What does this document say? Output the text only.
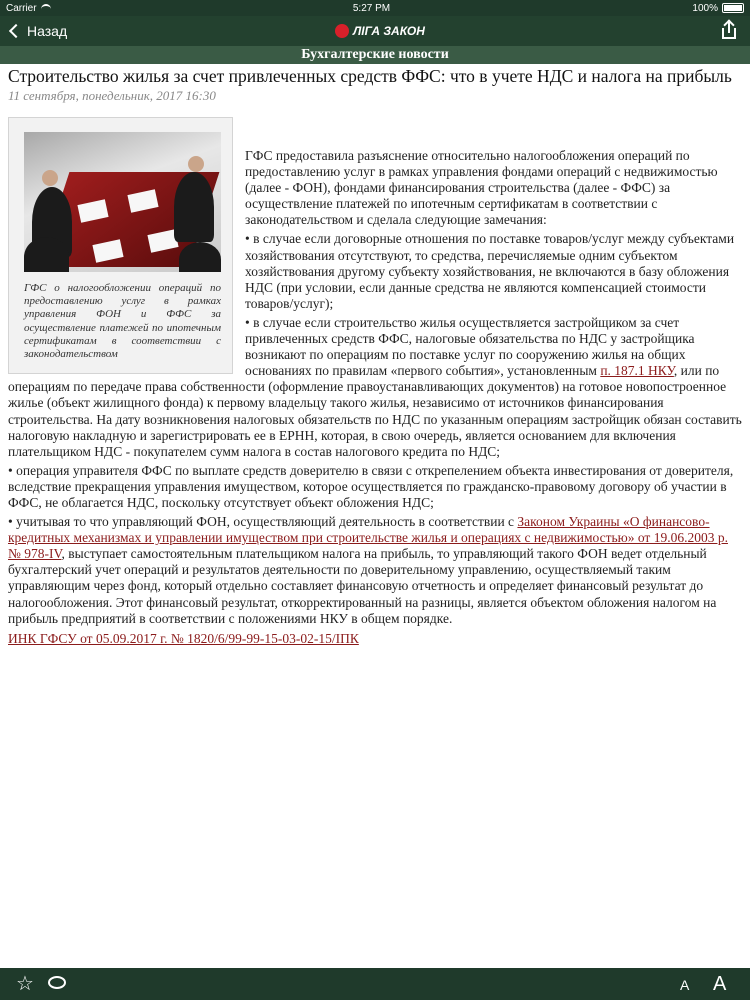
Carrier	5:27 PM	100%
Назад	ЛIГА ЗАКОН
Бухгалтерские новости
Строительство жилья за счет привлеченных средств ФФС: что в учете НДС и налога на прибыль
11 сентября, понедельник, 2017 16:30

ГФС о налогообложении операций по предоставлению услуг в рамках управления ФОН и ФФС за осуществление платежей по ипотечным сертификатам в соответствии с законодательством

ГФС предоставила разъяснение относительно налогообложения операций по предоставлению услуг в рамках управления фондами операций с недвижимостью (далее - ФОН), фондами финансирования строительства (далее - ФФС) за осуществление платежей по ипотечным сертификатам в соответствии с законодательством и сделала следующие замечания:

• в случае если договорные отношения по поставке товаров/услуг между субъектами хозяйствования отсутствуют, то средства, перечисляемые одним субъектом хозяйствования другому субъекту хозяйствования, не включаются в базу обложения НДС (при условии, если данные средства не являются компенсацией стоимости товаров/услуг);

• в случае если строительство жилья осуществляется застройщиком за счет привлеченных средств ФФС, налоговые обязательства по НДС у застройщика возникают по операциям по поставке услуг по сооружению жилья на общих основаниях по правилам «первого события», установленным п. 187.1 НКУ, или по операциям по передаче права собственности (оформление правоустанавливающих документов) на готовое новопостроенное жилье (объект жилищного фонда) к первому владельцу такого жилья, независимо от источников финансирования строительства. На дату возникновения налоговых обязательств по НДС по указанным операциям застройщик обязан составить налоговую накладную и зарегистрировать ее в ЕРНН, которая, в свою очередь, является основанием для включения плательщиком НДС - покупателем сумм налога в состав налогового кредита по НДС;

• операция управителя ФФС по выплате средств доверителю в связи с открепелением объекта инвестирования от доверителя, вследствие прекращения управления имуществом, которое осуществляется по гражданско-правовому договору об участии в ФФС, не облагается НДС, поскольку отсутствует объект обложения НДС;

• учитывая то что управляющий ФОН, осуществляющий деятельность в соответствии с Законом Украины «О финансово-кредитных механизмах и управлении имуществом при строительстве жилья и операциях с недвижимостью» от 19.06.2003 р. № 978-IV, выступает самостоятельным плательщиком налога на прибыль, то управляющий такого ФОН ведет отдельный бухгалтерский учет операций и результатов деятельности по доверительному управлению, осуществляемый таким управляющим через фонд, который отдельно составляет финансовую отчетность и определяет финансовый результат до налогообложения. Этот финансовый результат, откорректированный на разницы, является объектом обложения налогом на прибыль предприятий в соответствии с положениями НКУ в общем порядке.

ИНК ГФСУ от 05.09.2017 г. № 1820/6/99-99-15-03-02-15/ІПК
☆	A A
